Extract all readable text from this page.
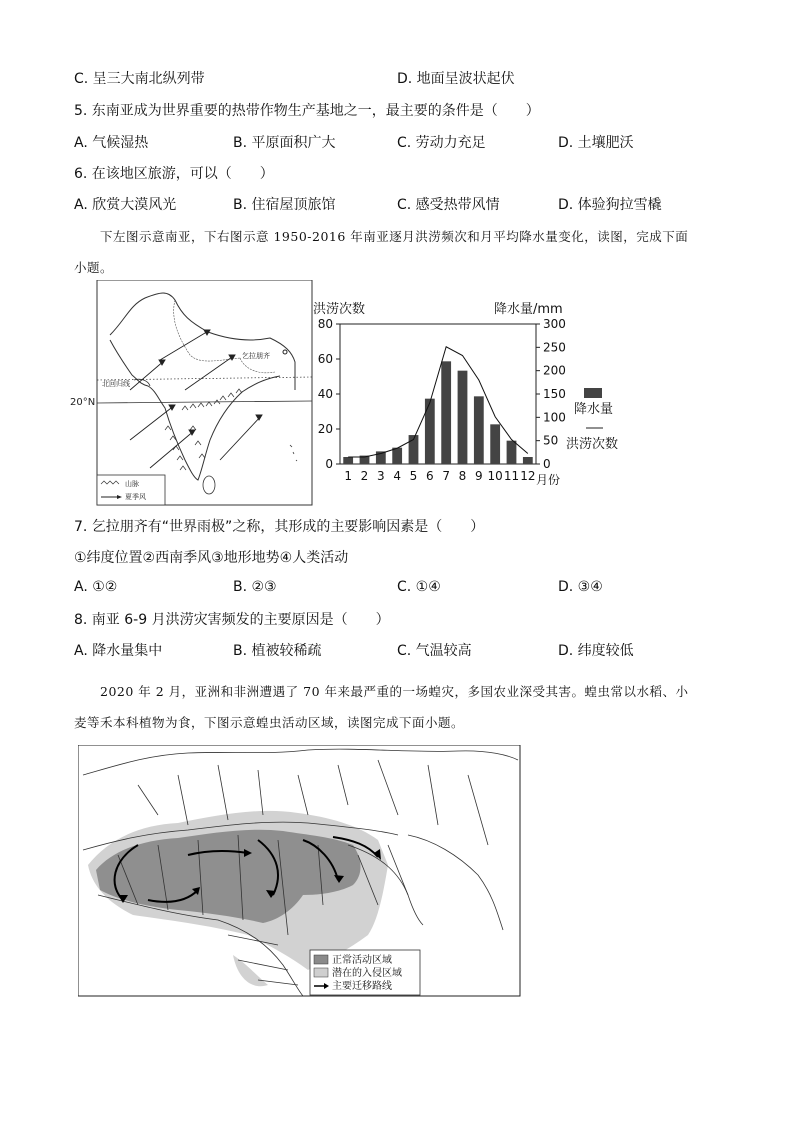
C. 呈三大南北纵列带	D. 地面呈波状起伏
5. 东南亚成为世界重要的热带作物生产基地之一，最主要的条件是（　　）
A. 气候湿热	B. 平原面积广大	C. 劳动力充足	D. 土壤肥沃
6. 在该地区旅游，可以（　　）
A. 欣赏大漠风光	B. 住宿屋顶旅馆	C. 感受热带风情	D. 体验狗拉雪橇
下左图示意南亚，下右图示意 1950-2016 年南亚逐月洪涝频次和月平均降水量变化，读图，完成下面
小题。
北回归线
20°N
乞拉朋齐
山脉
夏季风
洪涝次数	降水量/mm
0
20
40
60
80
0
50
100
150
200
250
300
1 2 3 4 5 6 7 8 9 10 11 12 月份
降水量
洪涝次数
7. 乞拉朋齐有“世界雨极”之称，其形成的主要影响因素是（　　）
①纬度位置②西南季风③地形地势④人类活动
A. ①②	B. ②③	C. ①④	D. ③④
8. 南亚 6-9 月洪涝灾害频发的主要原因是（　　）
A. 降水量集中	B. 植被较稀疏	C. 气温较高	D. 纬度较低
2020 年 2 月，亚洲和非洲遭遇了 70 年来最严重的一场蝗灾，多国农业深受其害。蝗虫常以水稻、小
麦等禾本科植物为食，下图示意蝗虫活动区域，读图完成下面小题。
正常活动区域
潜在的入侵区域
主要迁移路线
